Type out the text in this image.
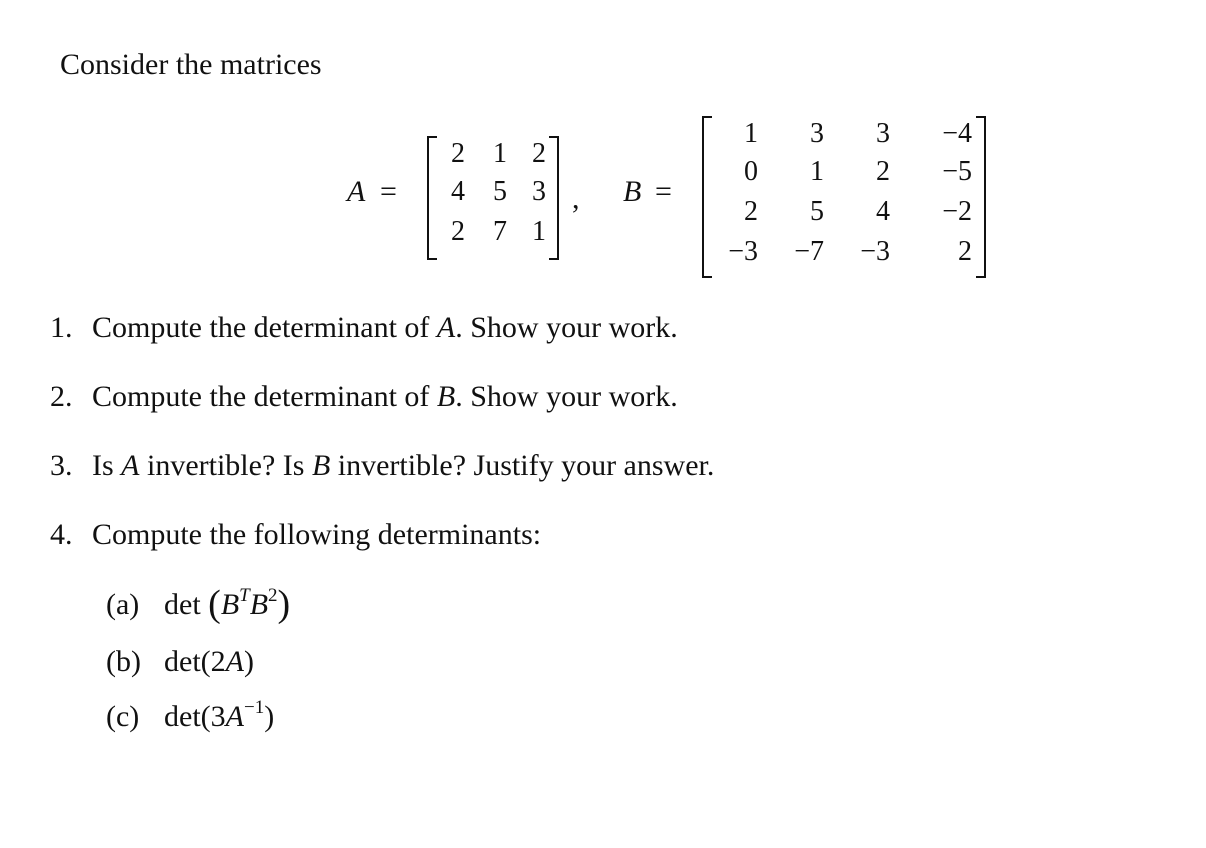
Consider the matrices
A =
2 1 2
4 5 3
2 7 1
, B =
1 3 3 −4
0 1 2 −5
2 5 4 −2
−3 −7 −3 2
1. Compute the determinant of A. Show your work.
2. Compute the determinant of B. Show your work.
3. Is A invertible? Is B invertible? Justify your answer.
4. Compute the following determinants:
(a) $\det (B^TB^2)$
(b) det(2A)
(c) $\det(3A^{-1})$
